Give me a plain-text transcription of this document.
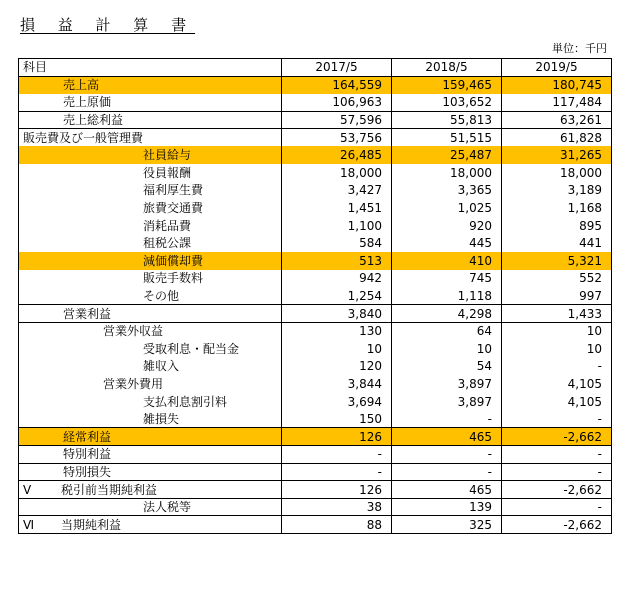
損 益 計 算 書
単位：千円
科目	2017/5	2018/5	2019/5
売上高	164,559	159,465	180,745
売上原価	106,963	103,652	117,484
売上総利益	57,596	55,813	63,261
販売費及び一般管理費	53,756	51,515	61,828
社員給与	26,485	25,487	31,265
役員報酬	18,000	18,000	18,000
福利厚生費	3,427	3,365	3,189
旅費交通費	1,451	1,025	1,168
消耗品費	1,100	920	895
租税公課	584	445	441
減価償却費	513	410	5,321
販売手数料	942	745	552
その他	1,254	1,118	997
営業利益	3,840	4,298	1,433
営業外収益	130	64	10
受取利息・配当金	10	10	10
雑収入	120	54	-
営業外費用	3,844	3,897	4,105
支払利息割引料	3,694	3,897	4,105
雑損失	150	-	-
経常利益	126	465	-2,662
特別利益	-	-	-
特別損失	-	-	-
Ⅴ 税引前当期純利益	126	465	-2,662
法人税等	38	139	-
Ⅵ 当期純利益	88	325	-2,662
